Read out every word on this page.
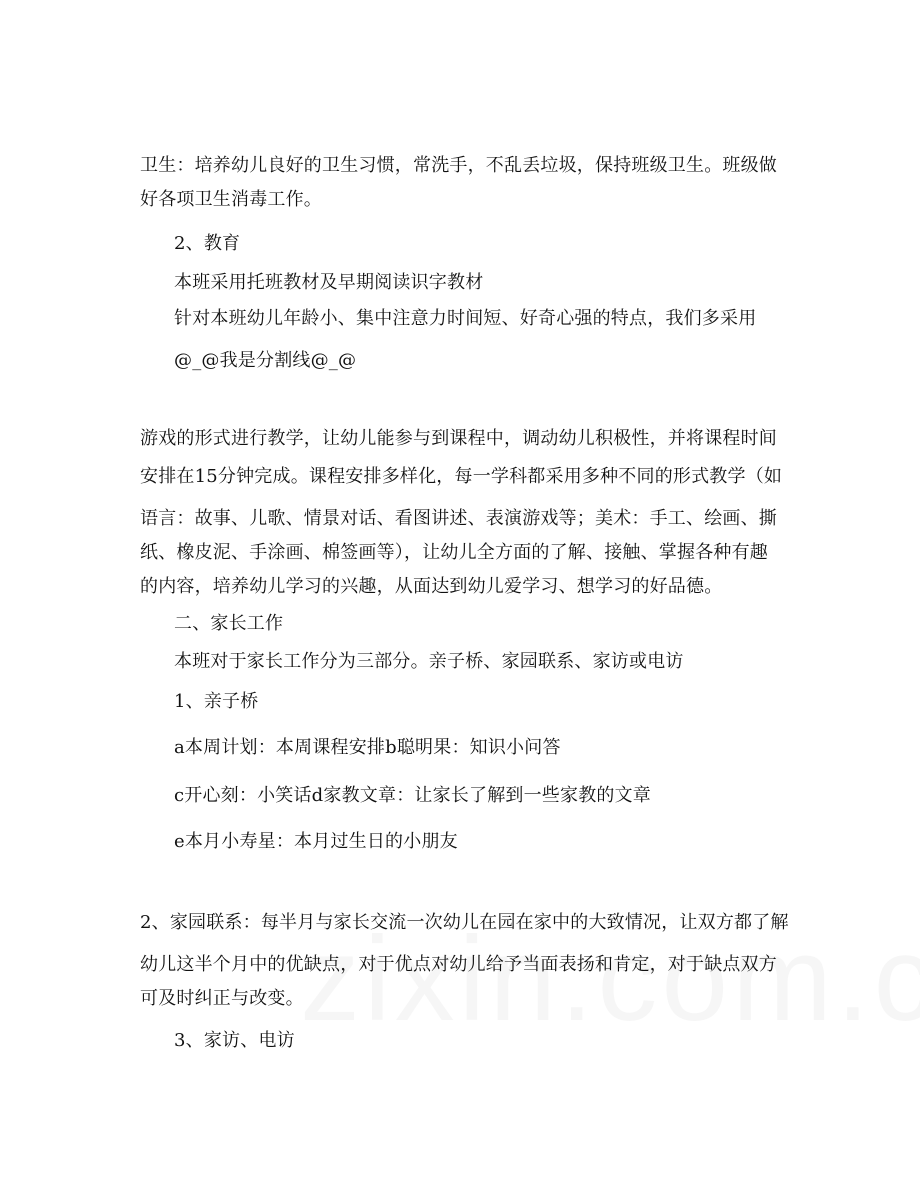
卫生：培养幼儿良好的卫生习惯，常洗手，不乱丢垃圾，保持班级卫生。班级做
好各项卫生消毒工作。
2、教育
本班采用托班教材及早期阅读识字教材
针对本班幼儿年龄小、集中注意力时间短、好奇心强的特点，我们多采用
@_@我是分割线@_@
游戏的形式进行教学，让幼儿能参与到课程中，调动幼儿积极性，并将课程时间
安排在15分钟完成。课程安排多样化，每一学科都采用多种不同的形式教学（如
语言：故事、儿歌、情景对话、看图讲述、表演游戏等；美术：手工、绘画、撕
纸、橡皮泥、手涂画、棉签画等），让幼儿全方面的了解、接触、掌握各种有趣
的内容，培养幼儿学习的兴趣，从面达到幼儿爱学习、想学习的好品德。
二、家长工作
本班对于家长工作分为三部分。亲子桥、家园联系、家访或电访
1、亲子桥
a本周计划：本周课程安排b聪明果：知识小问答
c开心刻：小笑话d家教文章：让家长了解到一些家教的文章
e本月小寿星：本月过生日的小朋友
2、家园联系：每半月与家长交流一次幼儿在园在家中的大致情况，让双方都了解
幼儿这半个月中的优缺点，对于优点对幼儿给予当面表扬和肯定，对于缺点双方
可及时纠正与改变。
3、家访、电访
